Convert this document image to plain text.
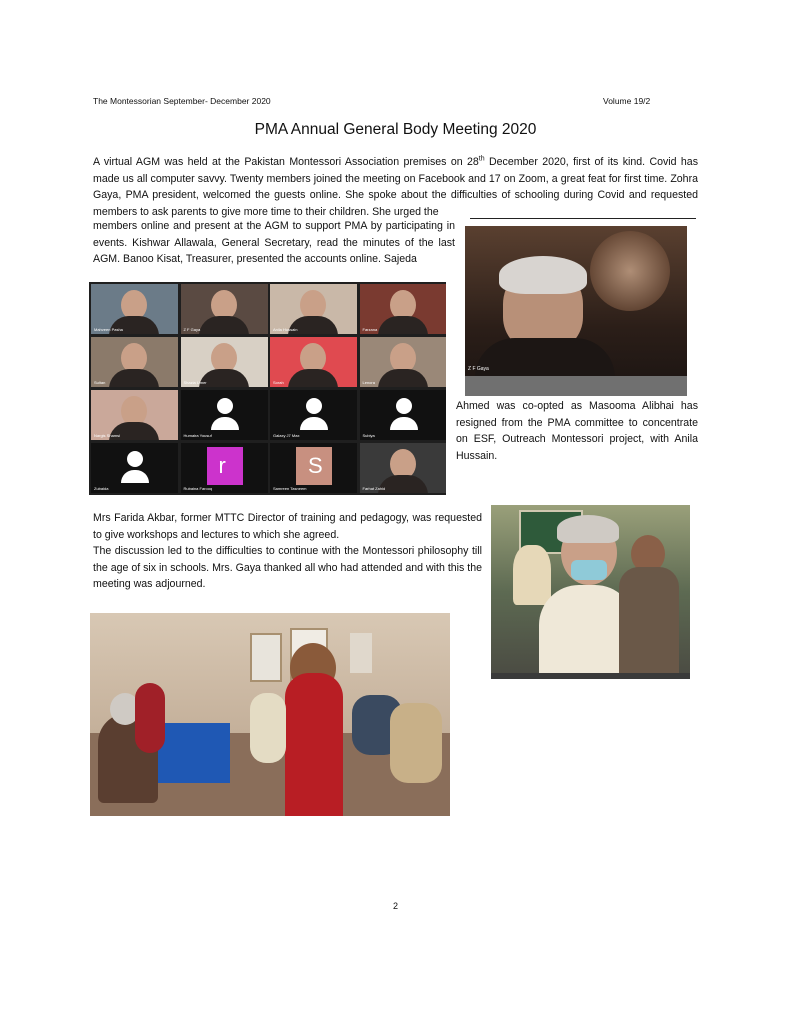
The Montessorian September- December 2020	Volume 19/2
PMA Annual General Body Meeting 2020
A virtual AGM was held at the Pakistan Montessori Association premises on 28th December 2020, first of its kind. Covid has made us all computer savvy. Twenty members joined the meeting on Facebook and 17 on Zoom, a great feat for first time. Zohra Gaya, PMA president, welcomed the guests online. She spoke about the difficulties of schooling during Covid and requested members to ask parents to give more time to their children. She urged the
members online and present at the AGM to support PMA by participating in events. Kishwar Allawala, General Secretary, read the minutes of the last AGM. Banoo Kisat, Treasurer, presented the accounts online. Sajeda
Mahveen Pasha	Z F Gaya	Anila Hussain	Farzana
Sultan	Shazia Umer	Sorah	Lenora
Nargis Shamsi	Humaira Yousuf	Galaxy J7 Max	Subiya
Zubaida
r
Rubaina Farooq
S
Samreen Tasneem	Farhat Zahid
Z F Gaya
Ahmed was co-opted as Masooma Alibhai has resigned from the PMA committee to concentrate on ESF, Outreach Montessori project, with Anila Hussain.
Mrs Farida Akbar, former MTTC Director of training and pedagogy, was requested to give workshops and lectures to which she agreed.
The discussion led to the difficulties to continue with the Montessori philosophy till the age of six in schools. Mrs. Gaya thanked all who had attended and with this the meeting was adjourned.
2
